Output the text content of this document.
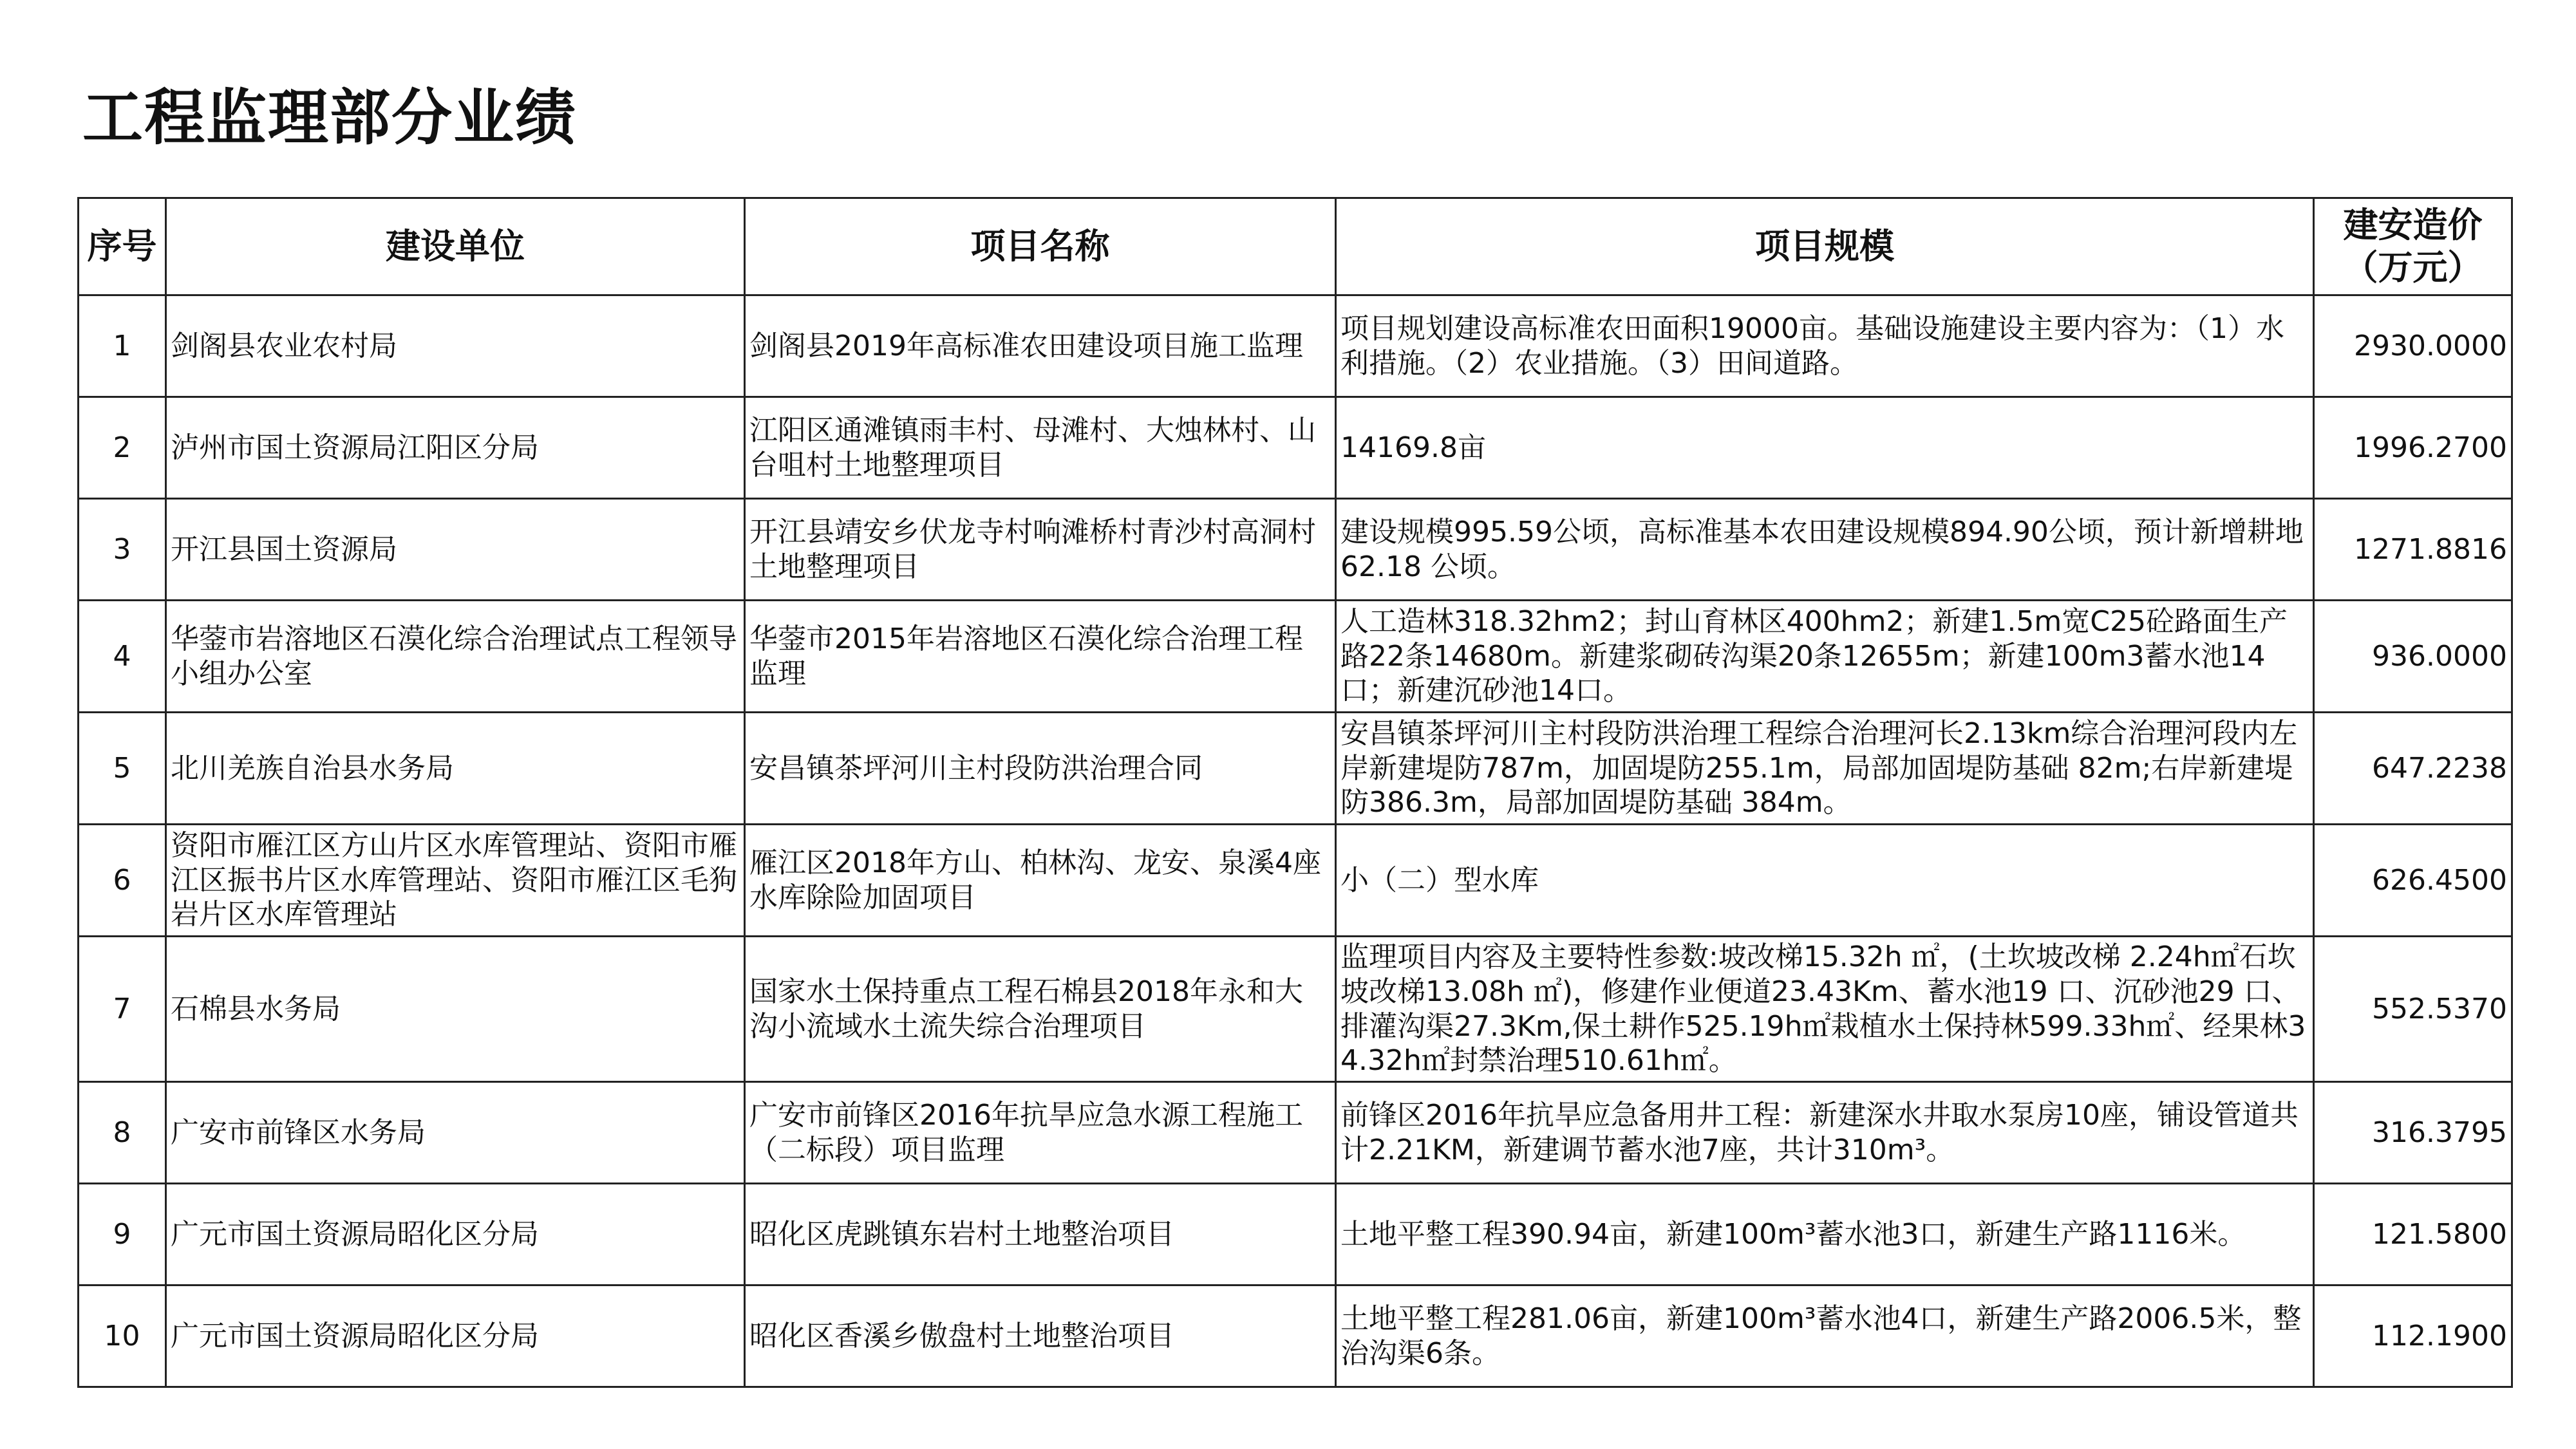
工程监理部分业绩
序号	建设单位	项目名称	项目规模	建安造价
（万元）

1	剑阁县农业农村局	剑阁县2019年高标准农田建设项目施工监理	项目规划建设高标准农田面积19000亩。基础设施建设主要内容为：（1）水利措施。（2）农业措施。（3）田间道路。	2930.0000
2	泸州市国土资源局江阳区分局	江阳区通滩镇雨丰村、母滩村、大烛林村、山台咀村土地整理项目	14169.8亩	1996.2700
3	开江县国土资源局	开江县靖安乡伏龙寺村响滩桥村青沙村高洞村土地整理项目	建设规模995.59公顷，高标准基本农田建设规模894.90公顷，预计新增耕地62.18 公顷。	1271.8816
4	华蓥市岩溶地区石漠化综合治理试点工程领导小组办公室	华蓥市2015年岩溶地区石漠化综合治理工程监理	人工造林318.32hm2；封山育林区400hm2；新建1.5m宽C25砼路面生产路22条14680m。新建浆砌砖沟渠20条12655m；新建100m3蓄水池14口；新建沉砂池14口。	936.0000
5	北川羌族自治县水务局	安昌镇茶坪河川主村段防洪治理合同	安昌镇茶坪河川主村段防洪治理工程综合治理河长2.13km综合治理河段内左岸新建堤防787m，加固堤防255.1m，局部加固堤防基础 82m;右岸新建堤防386.3m，局部加固堤防基础 384m。	647.2238
6	资阳市雁江区方山片区水库管理站、资阳市雁江区振书片区水库管理站、资阳市雁江区毛狗岩片区水库管理站	雁江区2018年方山、柏林沟、龙安、泉溪4座水库除险加固项目	小（二）型水库	626.4500
7	石棉县水务局	国家水土保持重点工程石棉县2018年永和大沟小流域水土流失综合治理项目	监理项目内容及主要特性参数:坡改梯15.32h ㎡，(土坎坡改梯 2.24h㎡石坎坡改梯13.08h ㎡)，修建作业便道23.43Km、蓄水池19 口、沉砂池29 口、排灌沟渠27.3Km,保土耕作525.19h㎡栽植水土保持林599.33h㎡、经果林34.32h㎡封禁治理510.61h㎡。	552.5370
8	广安市前锋区水务局	广安市前锋区2016年抗旱应急水源工程施工（二标段）项目监理	前锋区2016年抗旱应急备用井工程：新建深水井取水泵房10座，铺设管道共计2.21KM，新建调节蓄水池7座，共计310m³。	316.3795
9	广元市国土资源局昭化区分局	昭化区虎跳镇东岩村土地整治项目	土地平整工程390.94亩，新建100m³蓄水池3口，新建生产路1116米。	121.5800
10	广元市国土资源局昭化区分局	昭化区香溪乡傲盘村土地整治项目	土地平整工程281.06亩，新建100m³蓄水池4口，新建生产路2006.5米，整治沟渠6条。	112.1900
